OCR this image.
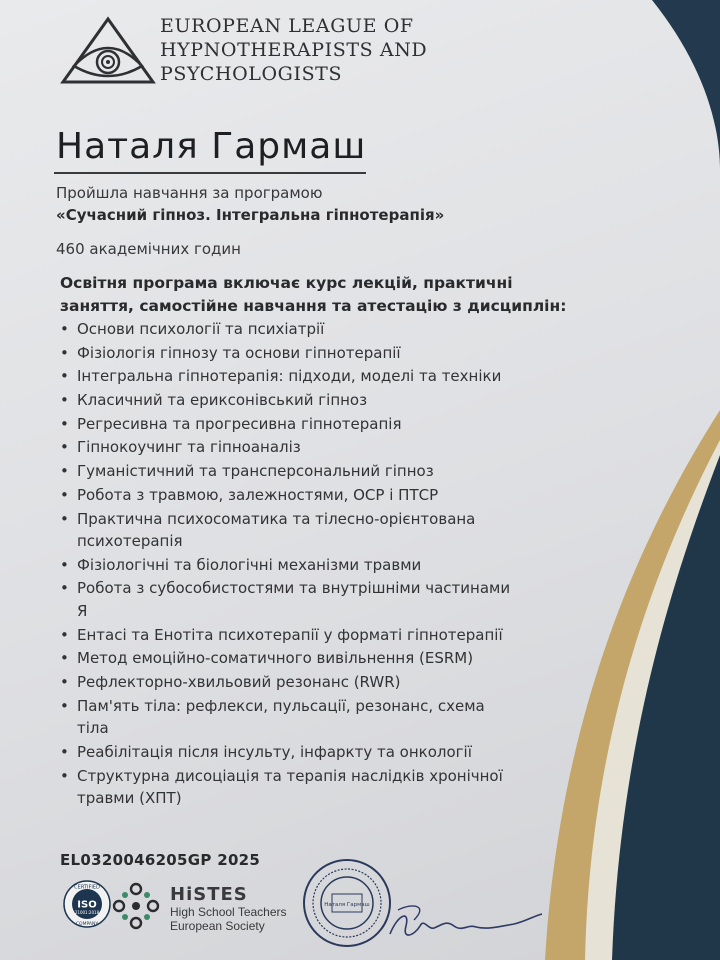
EUROPEAN LEAGUE OF
HYPNOTHERAPISTS AND
PSYCHOLOGISTS
Наталя Гармаш
Пройшла навчання за програмою
«Сучасний гіпноз. Інтегральна гіпнотерапія»
460 академічних годин
Освітня програма включає курс лекцій, практичні заняття, самостійне навчання та атестацію з дисциплін:
• Основи психології та психіатрії
• Фізіологія гіпнозу та основи гіпнотерапії
• Інтегральна гіпнотерапія: підходи, моделі та техніки
• Класичний та ериксонівський гіпноз
• Регресивна та прогресивна гіпнотерапія
• Гіпнокоучинг та гіпноаналіз
• Гуманістичний та трансперсональний гіпноз
• Робота з травмою, залежностями, ОСР і ПТСР
• Практична психосоматика та тілесно-орієнтована психотерапія
• Фізіологічні та біологічні механізми травми
• Робота з субособистостями та внутрішніми частинами Я
• Ентасі та Енотіта психотерапії у форматі гіпнотерапії
• Метод емоційно-соматичного вивільнення (ESRM)
• Рефлекторно-хвильовий резонанс (RWR)
• Пам'ять тіла: рефлекси, пульсації, резонанс, схема тіла
• Реабілітація після інсульту, інфаркту та онкології
• Структурна дисоціація та терапія наслідків хронічної травми (ХПТ)
EL0320046205GP 2025
CERTIFIED
ISO
21001:2018
COMPANY
HiSTES
High School Teachers
European Society
Наталя Гармаш
